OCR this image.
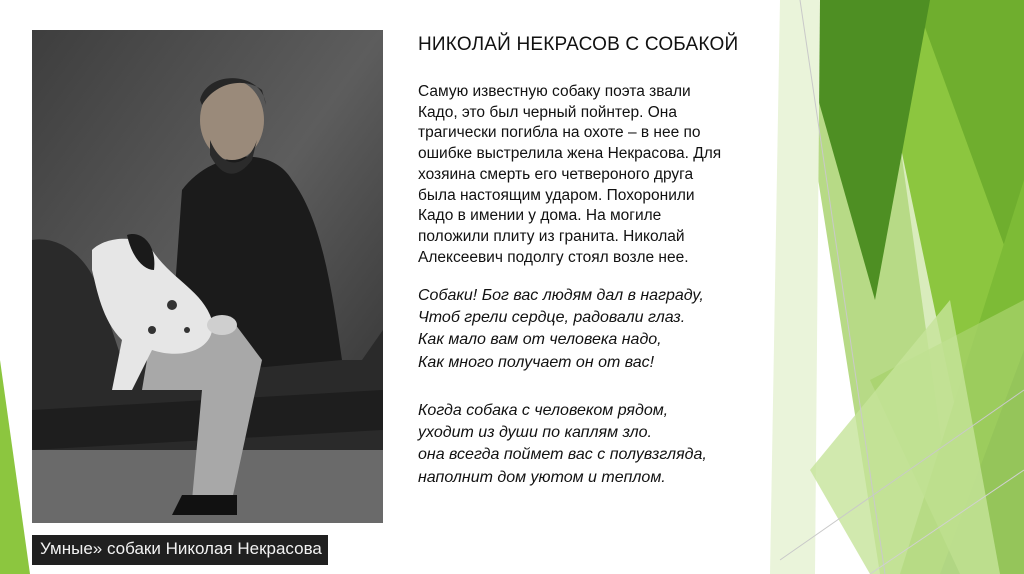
Умные» собаки Николая Некрасова
НИКОЛАЙ НЕКРАСОВ С СОБАКОЙ

Самую известную собаку поэта звали
Кадо, это был черный пойнтер. Она
трагически погибла на охоте – в нее по
ошибке выстрелила жена Некрасова. Для
хозяина смерть его четвероного друга
была настоящим ударом. Похоронили
Кадо в имении у дома. На могиле
положили плиту из гранита. Николай
Алексеевич подолгу стоял возле нее.

Собаки! Бог вас людям дал в награду,
Чтоб грели сердце, радовали глаз.
Как мало вам от человека надо,
Как много получает он от вас!

Когда собака с человеком рядом,
уходит из души по каплям зло.
она всегда поймет вас с полувзгляда,
наполнит дом уютом и теплом.
